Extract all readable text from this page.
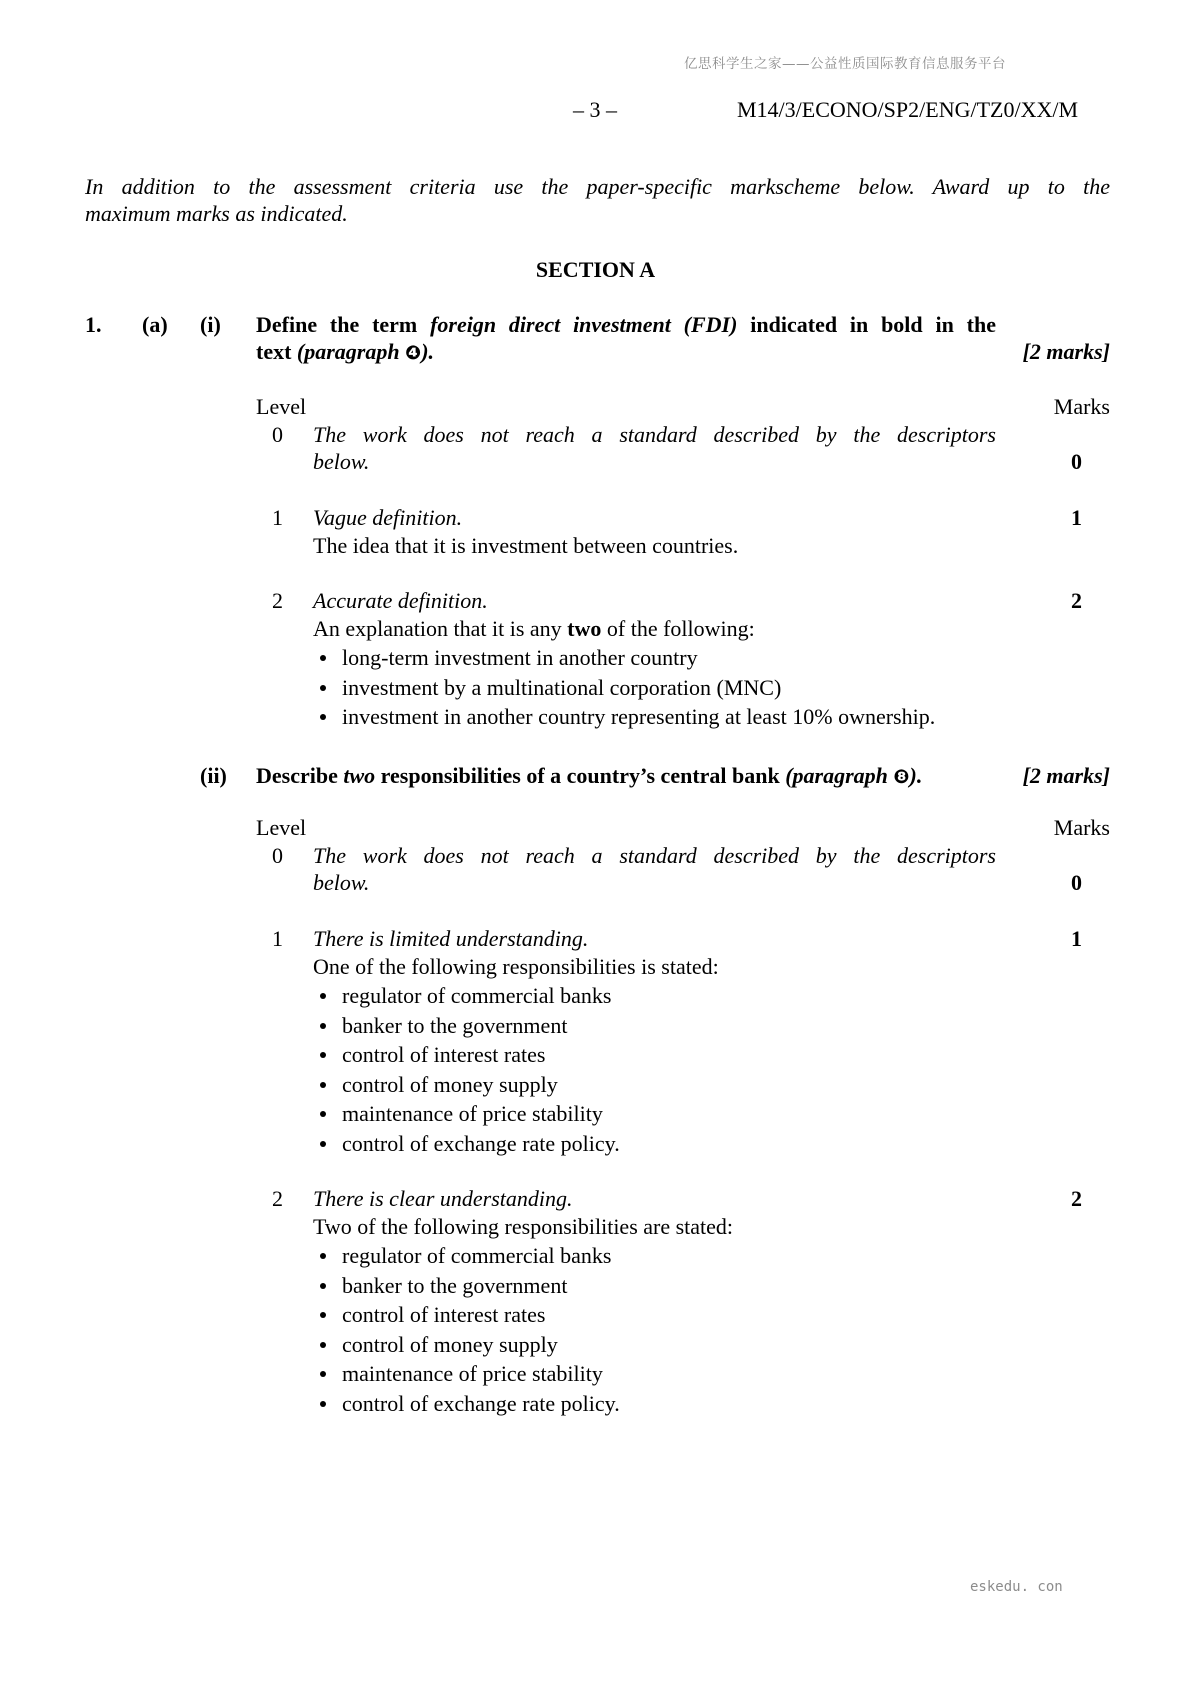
亿思科学生之家——公益性质国际教育信息服务平台
– 3 –	M14/3/ECONO/SP2/ENG/TZ0/XX/M
In addition to the assessment criteria use the paper-specific markscheme below. Award up to the
maximum marks as indicated.
SECTION A
1. (a) (i) Define the term foreign direct investment (FDI) indicated in bold in the
text (paragraph ❹).	[2 marks]
Level	Marks
0 The work does not reach a standard described by the descriptors
below.	0
1 Vague definition.	1
The idea that it is investment between countries.
2 Accurate definition.	2
An explanation that it is any two of the following:
long-term investment in another country
investment by a multinational corporation (MNC)
investment in another country representing at least 10% ownership.
(ii) Describe two responsibilities of a country’s central bank (paragraph ❽).	[2 marks]
Level	Marks
0 The work does not reach a standard described by the descriptors
below.	0
1 There is limited understanding.	1
One of the following responsibilities is stated:
regulator of commercial banks
banker to the government
control of interest rates
control of money supply
maintenance of price stability
control of exchange rate policy.
2 There is clear understanding.	2
Two of the following responsibilities are stated:
regulator of commercial banks
banker to the government
control of interest rates
control of money supply
maintenance of price stability
control of exchange rate policy.
eskedu. con
